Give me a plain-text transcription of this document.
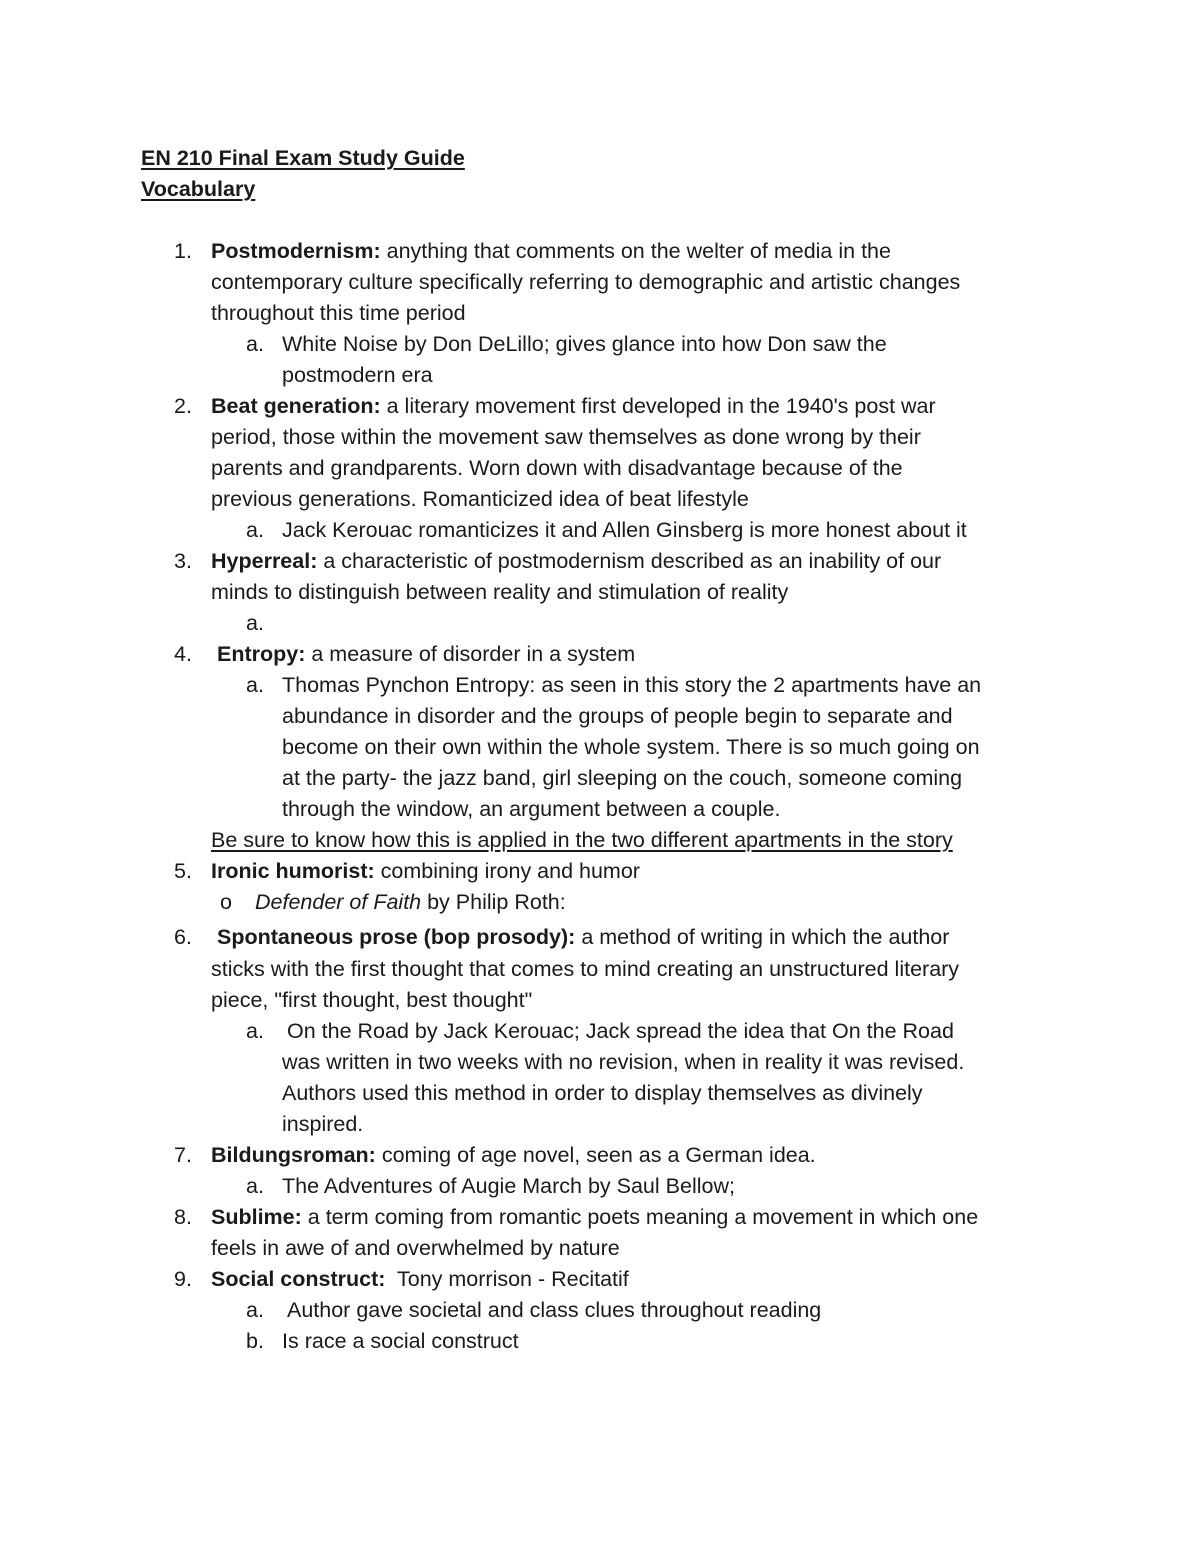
EN 210 Final Exam Study Guide
Vocabulary
1. Postmodernism: anything that comments on the welter of media in the
contemporary culture specifically referring to demographic and artistic changes
throughout this time period
a. White Noise by Don DeLillo; gives glance into how Don saw the
postmodern era
2. Beat generation: a literary movement first developed in the 1940's post war
period, those within the movement saw themselves as done wrong by their
parents and grandparents. Worn down with disadvantage because of the
previous generations. Romanticized idea of beat lifestyle
a. Jack Kerouac romanticizes it and Allen Ginsberg is more honest about it
3. Hyperreal: a characteristic of postmodernism described as an inability of our
minds to distinguish between reality and stimulation of reality
a.
4. Entropy: a measure of disorder in a system
a. Thomas Pynchon Entropy: as seen in this story the 2 apartments have an
abundance in disorder and the groups of people begin to separate and
become on their own within the whole system. There is so much going on
at the party- the jazz band, girl sleeping on the couch, someone coming
through the window, an argument between a couple.
Be sure to know how this is applied in the two different apartments in the story
5. Ironic humorist: combining irony and humor
o Defender of Faith by Philip Roth:
6. Spontaneous prose (bop prosody): a method of writing in which the author
sticks with the first thought that comes to mind creating an unstructured literary
piece, "first thought, best thought"
a. On the Road by Jack Kerouac; Jack spread the idea that On the Road
was written in two weeks with no revision, when in reality it was revised.
Authors used this method in order to display themselves as divinely
inspired.
7. Bildungsroman: coming of age novel, seen as a German idea.
a. The Adventures of Augie March by Saul Bellow;
8. Sublime: a term coming from romantic poets meaning a movement in which one
feels in awe of and overwhelmed by nature
9. Social construct:  Tony morrison - Recitatif
a. Author gave societal and class clues throughout reading
b. Is race a social construct
